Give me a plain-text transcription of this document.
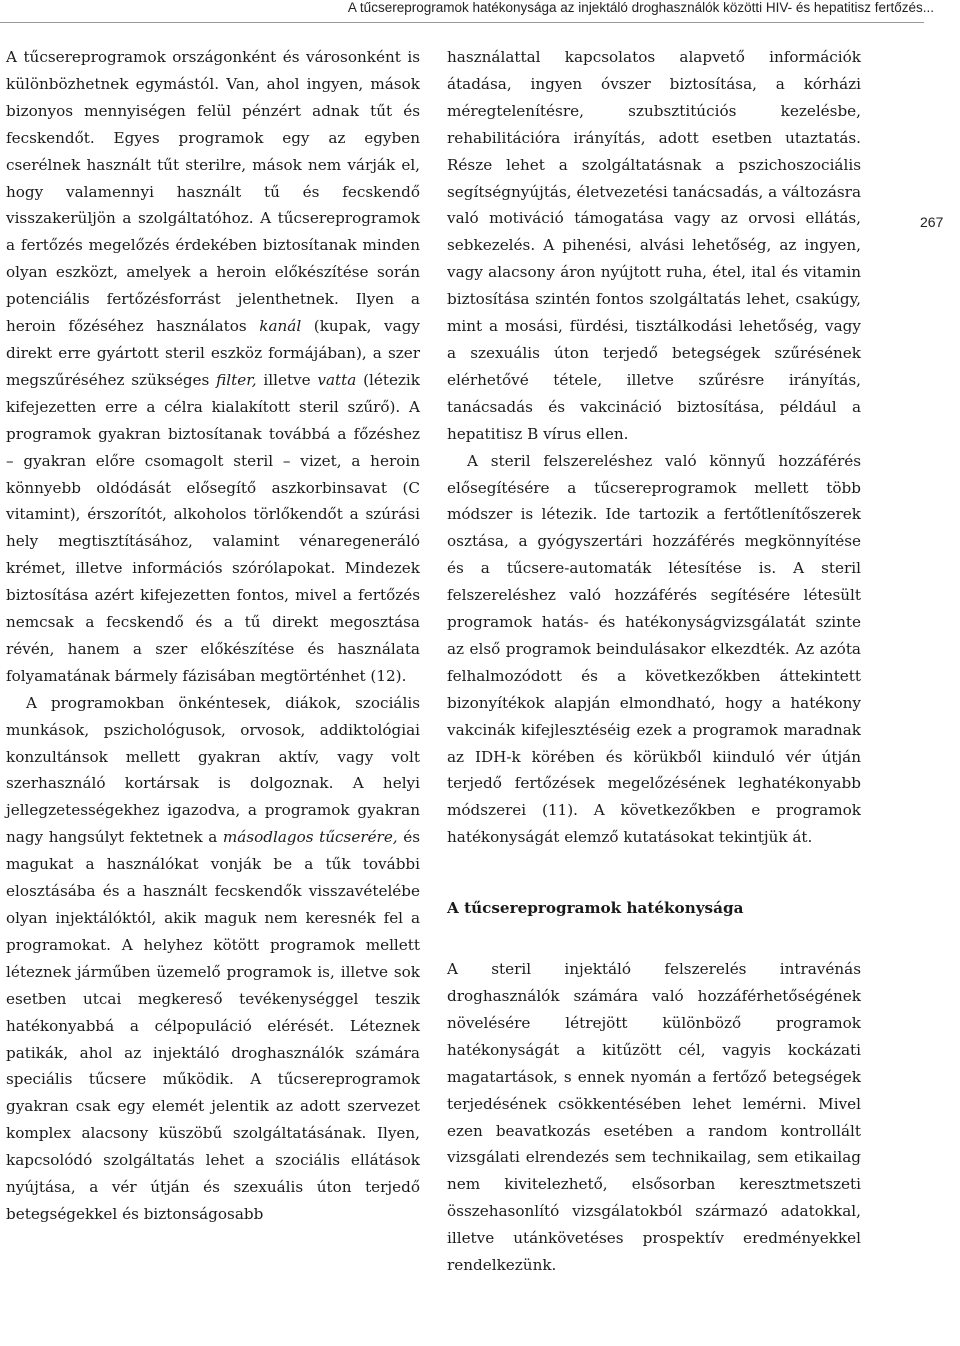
A tűcsereprogramok hatékonysága az injektáló droghasználók közötti HIV- és hepatitisz fertőzés...
267

A tűcsereprogramok országonként és városonként is különbözhetnek egymástól. Van, ahol ingyen, mások bizonyos mennyiségen felül pénzért adnak tűt és fecskendőt. Egyes programok egy az egyben cserélnek használt tűt sterilre, mások nem várják el, hogy valamennyi használt tű és fecskendő visszakerüljön a szolgáltatóhoz. A tűcsereprogramok a fertőzés megelőzés érdekében biztosítanak minden olyan eszközt, amelyek a heroin előkészítése során potenciális fertőzésforrást jelenthetnek. Ilyen a heroin főzéséhez használatos kanál (kupak, vagy direkt erre gyártott steril eszköz formájában), a szer megszűréséhez szükséges filter, illetve vatta (létezik kifejezetten erre a célra kialakított steril szűrő). A programok gyakran biztosítanak továbbá a főzéshez – gyakran előre csomagolt steril – vizet, a heroin könnyebb oldódását elősegítő aszkorbinsavat (C vitamint), érszorítót, alkoholos törlőkendőt a szúrási hely megtisztításához, valamint vénaregeneráló krémet, illetve információs szórólapokat. Mindezek biztosítása azért kifejezetten fontos, mivel a fertőzés nemcsak a fecskendő és a tű direkt megosztása révén, hanem a szer előkészítése és használata folyamatának bármely fázisában megtörténhet (12).

A programokban önkéntesek, diákok, szociális munkások, pszichológusok, orvosok, addiktológiai konzultánsok mellett gyakran aktív, vagy volt szerhasználó kortársak is dolgoznak. A helyi jellegzetességekhez igazodva, a programok gyakran nagy hangsúlyt fektetnek a másodlagos tűcserére, és magukat a használókat vonják be a tűk további elosztásába és a használt fecskendők visszavételébe olyan injektálóktól, akik maguk nem keresnék fel a programokat. A helyhez kötött programok mellett léteznek járműben üzemelő programok is, illetve sok esetben utcai megkereső tevékenységgel teszik hatékonyabbá a célpopuláció elérését. Léteznek patikák, ahol az injektáló droghasználók számára speciális tűcsere működik. A tűcsereprogramok gyakran csak egy elemét jelentik az adott szervezet komplex alacsony küszöbű szolgáltatásának. Ilyen, kapcsolódó szolgáltatás lehet a szociális ellátások nyújtása, a vér útján és szexuális úton terjedő betegségekkel és biztonságosabb

használattal kapcsolatos alapvető információk átadása, ingyen óvszer biztosítása, a kórházi méregtelenítésre, szubsztitúciós kezelésbe, rehabilitációra irányítás, adott esetben utaztatás. Része lehet a szolgáltatásnak a pszichoszociális segítségnyújtás, életvezetési tanácsadás, a változásra való motiváció támogatása vagy az orvosi ellátás, sebkezelés. A pihenési, alvási lehetőség, az ingyen, vagy alacsony áron nyújtott ruha, étel, ital és vitamin biztosítása szintén fontos szolgáltatás lehet, csakúgy, mint a mosási, fürdési, tisztálkodási lehetőség, vagy a szexuális úton terjedő betegségek szűrésének elérhetővé tétele, illetve szűrésre irányítás, tanácsadás és vakcináció biztosítása, például a hepatitisz B vírus ellen.

A steril felszereléshez való könnyű hozzáférés elősegítésére a tűcsereprogramok mellett több módszer is létezik. Ide tartozik a fertőtlenítőszerek osztása, a gyógyszertári hozzáférés megkönnyítése és a tűcsere-automaták létesítése is. A steril felszereléshez való hozzáférés segítésére létesült programok hatás- és hatékonyságvizsgálatát szinte az első programok beindulásakor elkezdték. Az azóta felhalmozódott és a következőkben áttekintett bizonyítékok alapján elmondható, hogy a hatékony vakcinák kifejlesztéséig ezek a programok maradnak az IDH-k körében és körükből kiinduló vér útján terjedő fertőzések megelőzésének leghatékonyabb módszerei (11). A következőkben e programok hatékonyságát elemző kutatásokat tekintjük át.

A tűcsereprogramok hatékonysága

A steril injektáló felszerelés intravénás droghasználók számára való hozzáférhetőségének növelésére létrejött különböző programok hatékonyságát a kitűzött cél, vagyis kockázati magatartások, s ennek nyomán a fertőző betegségek terjedésének csökkentésében lehet lemérni. Mivel ezen beavatkozás esetében a random kontrollált vizsgálati elrendezés sem technikailag, sem etikailag nem kivitelezhető, elsősorban keresztmetszeti összehasonlító vizsgálatokból származó adatokkal, illetve utánkövetéses prospektív eredményekkel rendelkezünk.
